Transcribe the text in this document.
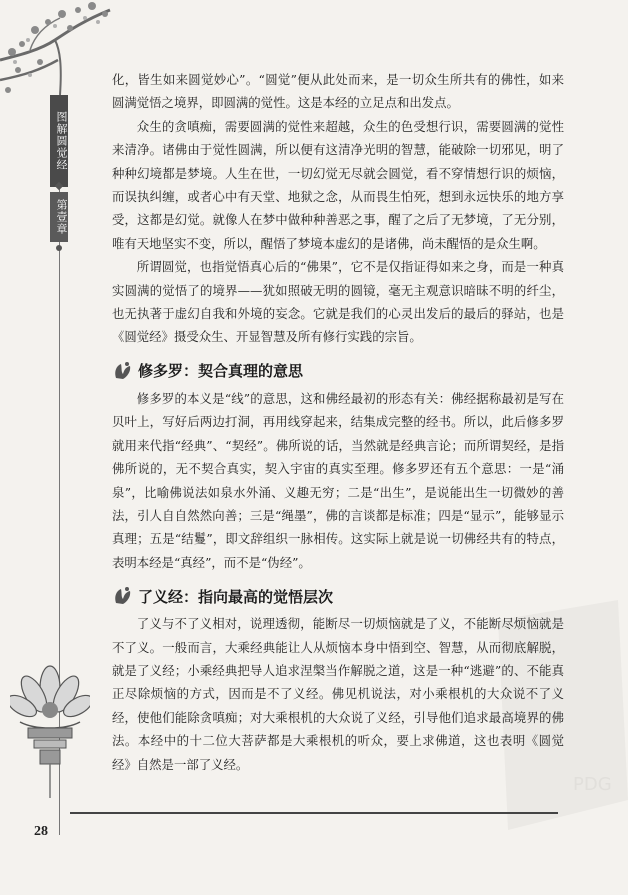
图解圆觉经
第壹章
PDG

化，皆生如来圆觉妙心”。“圆觉”便从此处而来，是一切众生所共有的佛性，如来圆满觉悟之境界，即圆满的觉性。这是本经的立足点和出发点。

众生的贪嗔痴，需要圆满的觉性来超越，众生的色受想行识，需要圆满的觉性来清净。诸佛由于觉性圆满，所以便有这清净光明的智慧，能破除一切邪见，明了种种幻境都是梦境。人生在世，一切幻觉无尽就会圆觉，看不穿情想行识的烦恼，而误执纠缠，或者心中有天堂、地狱之念，从而畏生怕死，想到永远快乐的地方享受，这都是幻觉。就像人在梦中做种种善恶之事，醒了之后了无梦境，了无分别，唯有天地坚实不变，所以，醒悟了梦境本虚幻的是诸佛，尚未醒悟的是众生啊。

所谓圆觉，也指觉悟真心后的“佛果”，它不是仅指证得如来之身，而是一种真实圆满的觉悟了的境界——犹如照破无明的圆镜，毫无主观意识暗昧不明的纤尘，也无执著于虚幻自我和外境的妄念。它就是我们的心灵出发后的最后的驿站，也是《圆觉经》摄受众生、开显智慧及所有修行实践的宗旨。

修多罗：契合真理的意思

修多罗的本义是“线”的意思，这和佛经最初的形态有关：佛经据称最初是写在贝叶上，写好后两边打洞，再用线穿起来，结集成完整的经书。所以，此后修多罗就用来代指“经典”、“契经”。佛所说的话，当然就是经典言论；而所谓契经，是指佛所说的，无不契合真实，契入宇宙的真实至理。修多罗还有五个意思：一是“涌泉”，比喻佛说法如泉水外涌、义趣无穷；二是“出生”，是说能出生一切微妙的善法，引人自自然然向善；三是“绳墨”，佛的言谈都是标准；四是“显示”，能够显示真理；五是“结鬘”，即文辞组织一脉相传。这实际上就是说一切佛经共有的特点，表明本经是“真经”，而不是“伪经”。

了义经：指向最高的觉悟层次

了义与不了义相对，说理透彻，能断尽一切烦恼就是了义，不能断尽烦恼就是不了义。一般而言，大乘经典能让人从烦恼本身中悟到空、智慧，从而彻底解脱，就是了义经；小乘经典把导人追求涅槃当作解脱之道，这是一种“逃避”的、不能真正尽除烦恼的方式，因而是不了义经。佛见机说法，对小乘根机的大众说不了义经，使他们能除贪嗔痴；对大乘根机的大众说了义经，引导他们追求最高境界的佛法。本经中的十二位大菩萨都是大乘根机的听众，要上求佛道，这也表明《圆觉经》自然是一部了义经。

28
